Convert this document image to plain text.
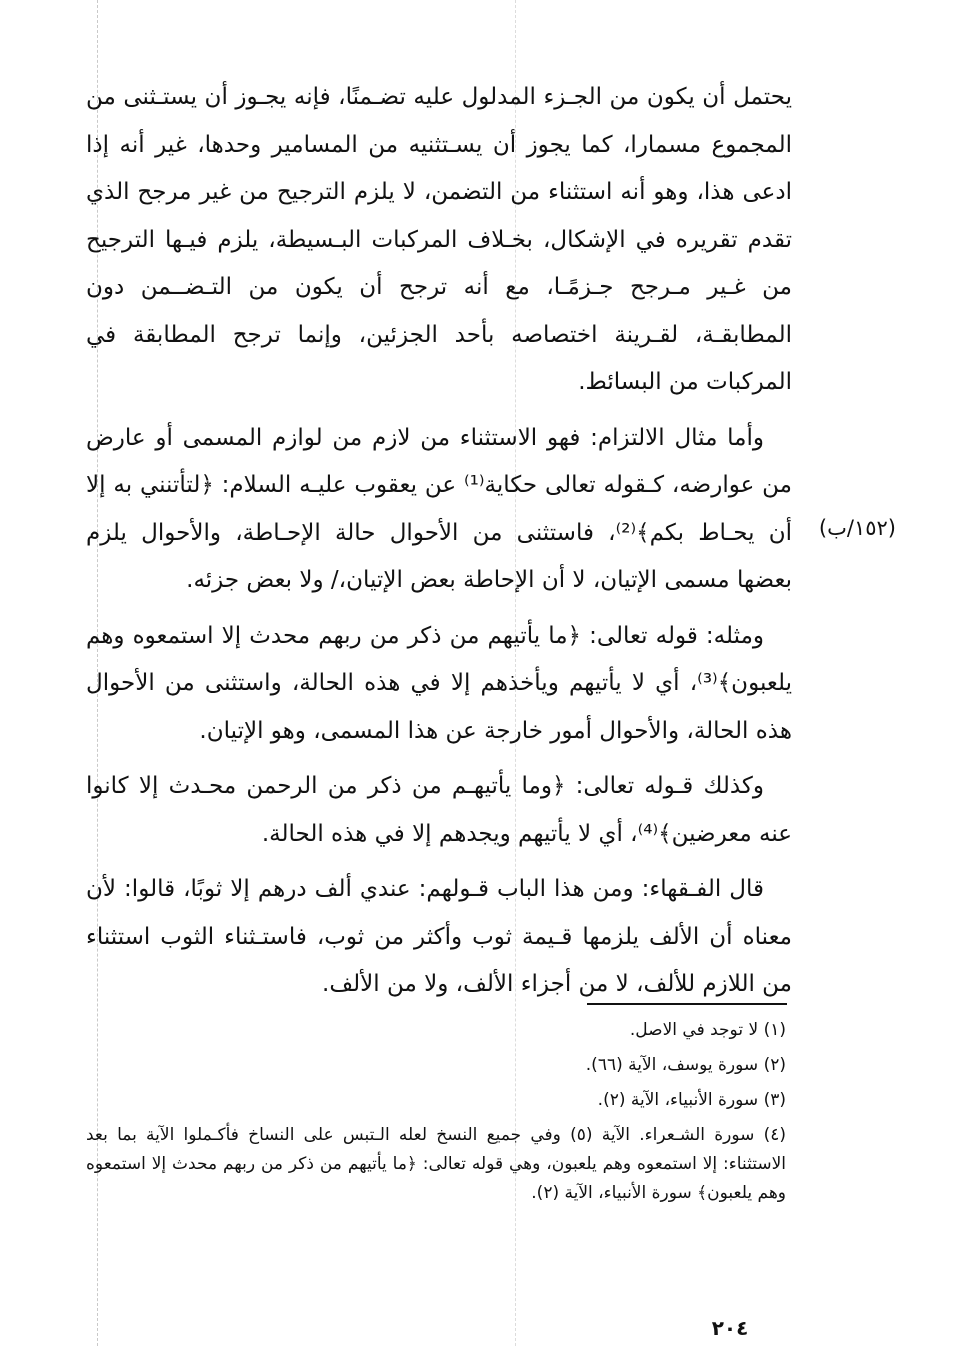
يحتمل أن يكون من الجـزء المدلول عليه تضـمنًا، فإنه يجـوز أن يستـثنى من المجموع مسمارا، كما يجوز أن يسـتثنيه من المسامير وحدها، غير أنه إذا ادعى هذا، وهو أنه استثناء من التضمن، لا يلزم الترجيح من غير مرجح الذي تقدم تقريره في الإشكال، بخـلاف المركبات البـسيطة، يلزم فيـها الترجيح من غـير مـرجح جـزمًـا، مع أنه ترجح أن يكون من التـضــمن دون المطابقـة، لقـرينة اختصاصه بأحد الجزئين، وإنما ترجح المطابقة في المركبات من البسائط.

وأما مثال الالتزام: فهو الاستثناء من لازم من لوازم المسمى أو عارض من عوارضه، كـقوله تعالى حكاية⁽¹⁾ عن يعقوب عليـه السلام: ﴿لتأتنني به إلا أن يحـاط بكم﴾⁽²⁾، فاستثنى من الأحوال حالة الإحـاطة، والأحوال يلزم بعضها مسمى الإتيان، لا أن الإحاطة بعض الإتيان،/ ولا بعض جزئه.

ومثله: قوله تعالى: ﴿ما يأتيهم من ذكر من ربهم محدث إلا استمعوه وهم يلعبون﴾⁽³⁾، أي لا يأتيهم ويأخذهم إلا في هذه الحالة، واستثنى من الأحوال هذه الحالة، والأحوال أمور خارجة عن هذا المسمى، وهو الإتيان.

وكذلك قـوله تعالى: ﴿وما يأتيهـم من ذكر من الرحمن محـدث إلا كانوا عنه معرضين﴾⁽⁴⁾، أي لا يأتيهم ويجدهم إلا في هذه الحالة.

قال الفـقهاء: ومن هذا الباب قـولهم: عندي ألف درهم إلا ثوبًا، قالوا: لأن معناه أن الألف يلزمها قـيمة ثوب وأكثر من ثوب، فاستـثناء الثوب استثناء من اللازم للألف، لا من أجزاء الألف، ولا من الألف.

(١٥٢/ب)

(١) لا توجد في الاصل.

(٢) سورة يوسف، الآية (٦٦).

(٣) سورة الأنبياء، الآية (٢).

(٤) سورة الشـعراء. الآية (٥) وفي جميع النسخ لعله الـتبس على النساخ فأكـملوا الآية بما بعد الاستثناء: إلا استمعوه وهم يلعبون، وهي قوله تعالى: ﴿ما يأتيهم من ذكر من ربهم محدث إلا استمعوه وهم يلعبون﴾ سورة الأنبياء، الآية (٢).

٢٠٤
